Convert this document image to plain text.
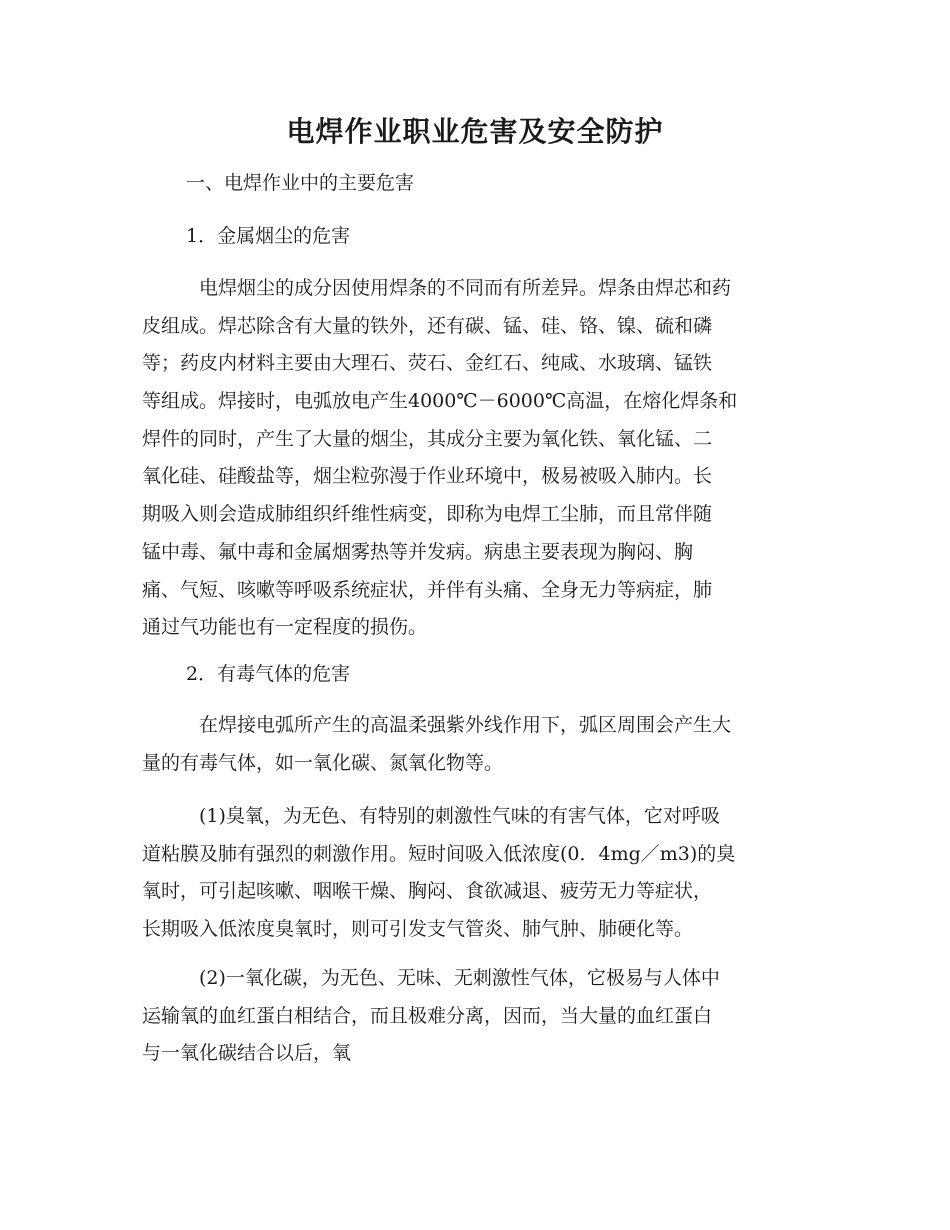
电焊作业职业危害及安全防护
一、电焊作业中的主要危害
1．金属烟尘的危害
电焊烟尘的成分因使用焊条的不同而有所差异。焊条由焊芯和药
皮组成。焊芯除含有大量的铁外，还有碳、锰、硅、铬、镍、硫和磷
等；药皮内材料主要由大理石、荧石、金红石、纯咸、水玻璃、锰铁
等组成。焊接时，电弧放电产生4000℃－6000℃高温，在熔化焊条和
焊件的同时，产生了大量的烟尘，其成分主要为氧化铁、氧化锰、二
氧化硅、硅酸盐等，烟尘粒弥漫于作业环境中，极易被吸入肺内。长
期吸入则会造成肺组织纤维性病变，即称为电焊工尘肺，而且常伴随
锰中毒、氟中毒和金属烟雾热等并发病。病患主要表现为胸闷、胸
痛、气短、咳嗽等呼吸系统症状，并伴有头痛、全身无力等病症，肺
通过气功能也有一定程度的损伤。
2．有毒气体的危害
在焊接电弧所产生的高温柔强紫外线作用下，弧区周围会产生大
量的有毒气体，如一氧化碳、氮氧化物等。
(1)臭氧，为无色、有特别的刺激性气味的有害气体，它对呼吸
道粘膜及肺有强烈的刺激作用。短时间吸入低浓度(0．4mg／m3)的臭
氧时，可引起咳嗽、咽喉干燥、胸闷、食欲减退、疲劳无力等症状，
长期吸入低浓度臭氧时，则可引发支气管炎、肺气肿、肺硬化等。
(2)一氧化碳，为无色、无味、无刺激性气体，它极易与人体中
运输氧的血红蛋白相结合，而且极难分离，因而，当大量的血红蛋白
与一氧化碳结合以后，氧
